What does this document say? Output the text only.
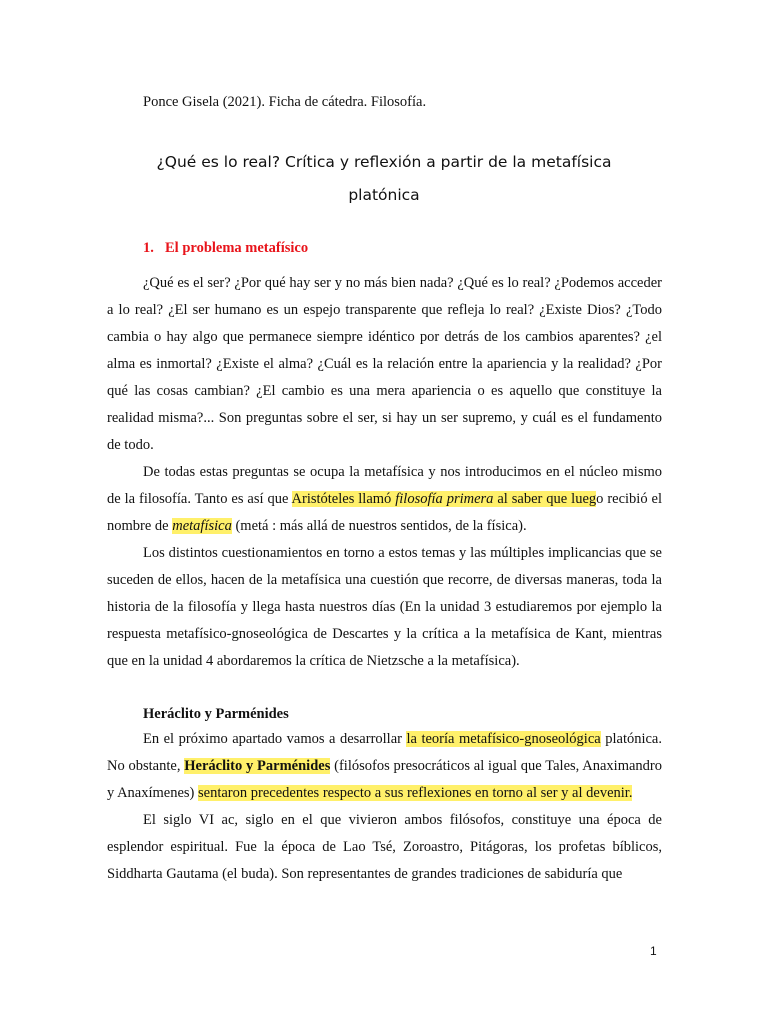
Ponce Gisela (2021). Ficha de cátedra. Filosofía.
¿Qué es lo real? Crítica y reflexión a partir de la metafísica
platónica
1. El problema metafísico

¿Qué es el ser? ¿Por qué hay ser y no más bien nada? ¿Qué es lo real? ¿Podemos acceder a lo real? ¿El ser humano es un espejo transparente que refleja lo real? ¿Existe Dios? ¿Todo cambia o hay algo que permanece siempre idéntico por detrás de los cambios aparentes? ¿el alma es inmortal? ¿Existe el alma? ¿Cuál es la relación entre la apariencia y la realidad? ¿Por qué las cosas cambian? ¿El cambio es una mera apariencia o es aquello que constituye la realidad misma?... Son preguntas sobre el ser, si hay un ser supremo, y cuál es el fundamento de todo.

De todas estas preguntas se ocupa la metafísica y nos introducimos en el núcleo mismo de la filosofía. Tanto es así que Aristóteles llamó filosofía primera al saber que luego recibió el nombre de metafísica (metá : más allá de nuestros sentidos, de la física).

Los distintos cuestionamientos en torno a estos temas y las múltiples implicancias que se suceden de ellos, hacen de la metafísica una cuestión que recorre, de diversas maneras, toda la historia de la filosofía y llega hasta nuestros días (En la unidad 3 estudiaremos por ejemplo la respuesta metafísico-gnoseológica de Descartes y la crítica a la metafísica de Kant, mientras que en la unidad 4 abordaremos la crítica de Nietzsche a la metafísica).

Heráclito y Parménides

En el próximo apartado vamos a desarrollar la teoría metafísico-gnoseológica platónica. No obstante, Heráclito y Parménides (filósofos presocráticos al igual que Tales, Anaximandro y Anaxímenes) sentaron precedentes respecto a sus reflexiones en torno al ser y al devenir.

El siglo VI ac, siglo en el que vivieron ambos filósofos, constituye una época de esplendor espiritual. Fue la época de Lao Tsé, Zoroastro, Pitágoras, los profetas bíblicos, Siddharta Gautama (el buda). Son representantes de grandes tradiciones de sabiduría que

1
